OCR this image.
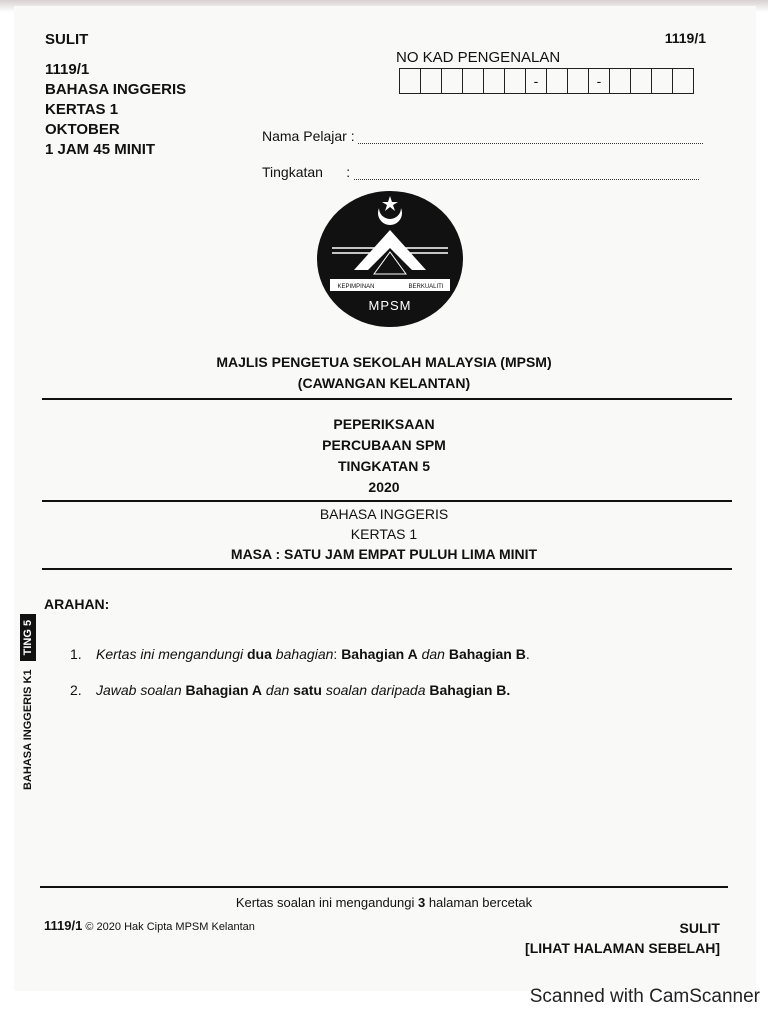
SULIT
1119/1
BAHASA INGGERIS
KERTAS 1
OKTOBER
1 JAM 45 MINIT
1119/1
NO KAD PENGENALAN
-	-
Nama Pelajar :
Tingkatan      :
KEPIMPINAN	BERKUALITI
MPSM
MAJLIS PENGETUA SEKOLAH MALAYSIA (MPSM)
(CAWANGAN KELANTAN)
PEPERIKSAAN
PERCUBAAN SPM
TINGKATAN 5
2020
BAHASA INGGERIS
KERTAS 1
MASA : SATU JAM EMPAT PULUH LIMA MINIT
ARAHAN:
1. Kertas ini mengandungi dua bahagian: Bahagian A dan Bahagian B.
2. Jawab soalan Bahagian A dan satu soalan daripada Bahagian B.
BAHASA INGGERIS K1
TING 5
Kertas soalan ini mengandungi 3 halaman bercetak
1119/1 © 2020 Hak Cipta MPSM Kelantan	SULIT
[LIHAT HALAMAN SEBELAH]
Scanned with CamScanner
